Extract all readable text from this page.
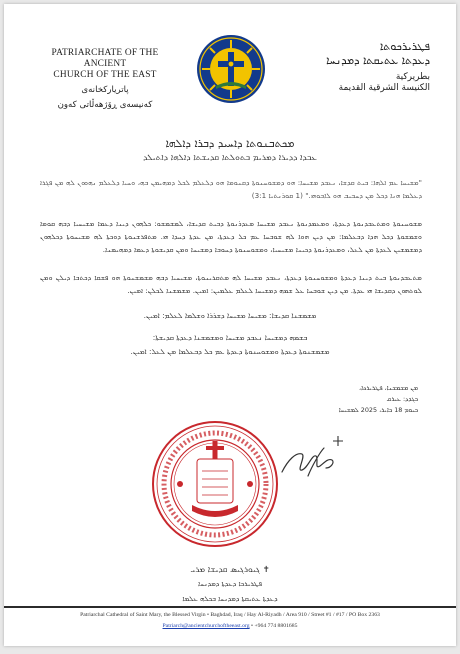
PATRIARCHATE OF THE ANCIENT
CHURCH OF THE EAST
پاتریارکخانەی
کەنیسەی ڕۆژهەڵاتی کەون
ܦܛܪܝܪܟܘܬܐ
ܕܥܕܬܐ ܥܬܝܩܬܐ ܕܡܕܢܚܐ
بطريركية
الكنيسة الشرقية القديمة
ܡܟܬܒܢܘܬܐ ܕܐܚܝܕ ܕܒܪܐ ܕܐܠܗܐ
ܥܒܕܐ ܕܕܝܪܐ ܕܡܪܝܡ ܒܬܘܠܬܐ ܩܕܝܫܬܐ ܕܐܠܗܐ ܕܐܬܝܠܕ
"ܡܫܝܚܐ ܥܡ ܐܠܗܐ: ܒܝܬ ܩܕܫܐ، ܢܥܒܕ ܡܫܝܚܐ: ܗܘ ܕܡܫܘܚܢܘܬܐ ܕܩܢܘܡܐ ܗܘ ܕܠܥܠܡ ܠܟܠ ܕܡܗܝܡܢ ܒܗ، ܘܚܝܐ ܕܠܥܠܡ ܢܗܘܘܢ ܠܗ ܡܢ ܦܓܪܐ ܕܥܠܡܐ ܗܢܐ ܕܟܠ ܡܢ ܕܚܒܝܒ ܗܘ ܠܐܒܘܗܝ." (1 ܩܘܪܢܬܝܐ 3:1)
ܡܫܘܚܢܘܬܐ ܘܡܬܥܒܕܢܘܬܐ ܕܥܕܬܐ، ܘܡܥܡܕܢܘܬܐ ܢܥܒܕ ܡܫܝܚܐ ܡܥܕܪܢܘܬܐ ܕܒܝܬ ܩܕܝܫܐ، ܠܡܫܡܫܘ: ܟܠܗܘܢ ܕܝܢܐ ܕܥܡܐ ܡܫܝܚܝܐ ܕܒܗ ܩܘܡܐ ܘܫܡܫܘܬܐ ܕܟܠ ܗܕܐ ܕܒܥܠܡܐ: ܡܢ ܕܝܢ ܗܘܐ ܠܗ ܫܘܒܚܐ ܥܡ ܟܠ ܕܥܕܬܐ، ܡܢ ܥܕܬܐ ܕܚܕܐ ܗܝ. ܡܬܦܪܫܢܘܬܐ ܕܘܟܬܐ ܠܗ ܡܫܝܚܘܬܐ ܕܟܠܗܘܢ ܕܡܫܡܫܝܢ ܠܥܕܬܐ ܡܢ ܠܥܠ، ܘܡܥܕܪܢܘܬܐ ܕܟܝܢܐ ܡܫܝܚܝܐ، ܘܡܫܘܚܢܘܬܐ ܕܚܘܒܐ ܕܡܫܝܚܐ ܘܡܢ ܩܕܝܫܘܬܐ ܕܥܡܐ ܕܡܗܝܡܢܐ.
ܡܬܥܒܕܢܘܬܐ ܒܝܬ ܕܝܢܐ ܕܥܕܬܐ ܘܡܫܘܚܢܘܬܐ ܕܥܕܬܐ، ܢܥܒܕ ܡܫܝܚܐ ܠܗ ܡܬܩܪܝܢܘܬܐ، ܡܫܝܚܝܐ ܕܒܗ ܡܫܡܫܢܘܬܐ ܗܘ ܦܫܩܐ ܕܟܬܒܐ ܕܝܠܢ ܘܡܢ ܠܘܬܗܘܢ ܕܩܕܝܫܐ ܗܝ ܥܕܬܐ. ܡܢ ܕܝܢ ܫܘܒܚܐ ܥܠ ܫܡܗ ܕܡܫܝܚܐ ܠܥܠܡ ܥܠܡܝܢ: ܐܡܝܢ. ܡܫܡܫܢܐ ܠܟܠܢ: ܐܡܝܢ.
ܡܫܡܫܢܐ ܩܕܝܫܐ: ܡܫܝܚܐ ܡܫܝܚܐ ܕܫܪܪܐ ܘܫܠܡܐ ܠܥܠܡ: ܐܡܝܢ.
ܒܫܡܗ ܕܡܫܝܚܐ ܢܥܒܕ ܡܫܝܚܐ ܘܡܫܡܫܢܐ ܕܥܕܬܐ ܩܕܝܫܬܐ:
ܡܫܡܫܢܘܬܐ ܕܥܕܬܐ ܘܡܫܘܚܢܘܬܐ ܕܥܕܬܐ ܥܡ ܟܠ ܕܒܥܠܡܐ ܡܢ ܠܥܠ: ܐܡܝܢ.
ܡܢ ܡܫܡܫܢܐ، ܦܛܪܝܪܟܐ،
ܒܓܕܕ: ܥܝܪܩ
ܒܝܘܡ 18 ܒܐܝܪ، 2025 ܠܡܫܝܚܐ
✝ ܓܝܘܪܓܝܣ ܩܕܝܫܐ ܡܪܝ
ܦܛܪܝܪܟܐ ܕܥܕܬܐ ܕܡܕܢܚܐ
ܕܥܕܬܐ ܥܬܝܩܬܐ ܕܡܕܢܚܐ ܒܟܠܗ ܥܠܡܐ
Patriarchal Cathedral of Saint Mary, the Blessed Virgin • Baghdad, Iraq / Hay Al-Riyadh / Area 910 / Street #1 / #17 / PO Box 2363
Patriarch@ancientchurchoftheeast.org • +964 774 8801685
